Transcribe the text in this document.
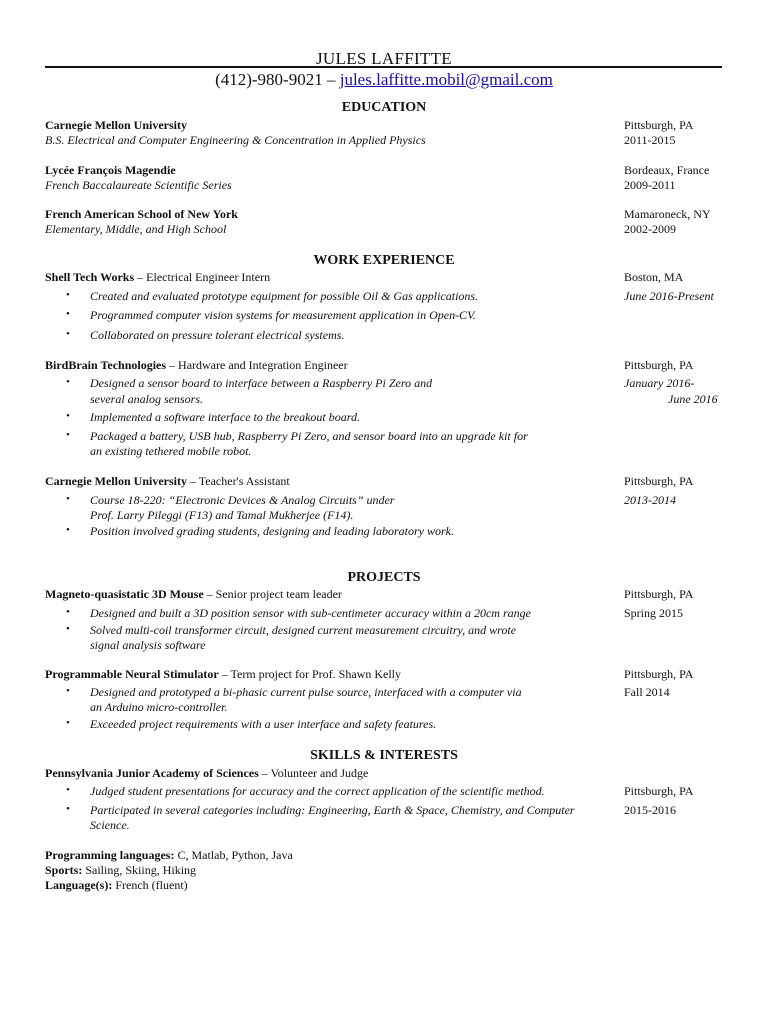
JULES LAFFITTE
(412)-980-9021 – jules.laffitte.mobil@gmail.com
EDUCATION
Carnegie Mellon University	Pittsburgh, PA
B.S. Electrical and Computer Engineering & Concentration in Applied Physics	2011-2015
Lycée François Magendie	Bordeaux, France
French Baccalaureate Scientific Series	2009-2011
French American School of New York	Mamaroneck, NY
Elementary, Middle, and High School	2002-2009
WORK EXPERIENCE
Shell Tech Works – Electrical Engineer Intern	Boston, MA
• Created and evaluated prototype equipment for possible Oil & Gas applications.	June 2016-Present
• Programmed computer vision systems for measurement application in Open-CV.
• Collaborated on pressure tolerant electrical systems.
BirdBrain Technologies – Hardware and Integration Engineer	Pittsburgh, PA
• Designed a sensor board to interface between a Raspberry Pi Zero and	January 2016-
several analog sensors.	June 2016
• Implemented a software interface to the breakout board.
• Packaged a battery, USB hub, Raspberry Pi Zero, and sensor board into an upgrade kit for
an existing tethered mobile robot.
Carnegie Mellon University – Teacher's Assistant	Pittsburgh, PA
• Course 18-220: “Electronic Devices & Analog Circuits” under	2013-2014
Prof. Larry Pileggi (F13) and Tamal Mukherjee (F14).
• Position involved grading students, designing and leading laboratory work.
PROJECTS
Magneto-quasistatic 3D Mouse – Senior project team leader	Pittsburgh, PA
• Designed and built a 3D position sensor with sub-centimeter accuracy within a 20cm range	Spring 2015
• Solved multi-coil transformer circuit, designed current measurement circuitry, and wrote
signal analysis software
Programmable Neural Stimulator – Term project for Prof. Shawn Kelly	Pittsburgh, PA
• Designed and prototyped a bi-phasic current pulse source, interfaced with a computer via	Fall 2014
an Arduino micro-controller.
• Exceeded project requirements with a user interface and safety features.
SKILLS & INTERESTS
Pennsylvania Junior Academy of Sciences – Volunteer and Judge
• Judged student presentations for accuracy and the correct application of the scientific method.	Pittsburgh, PA
• Participated in several categories including: Engineering, Earth & Space, Chemistry, and Computer	2015-2016
Science.
Programming languages: C, Matlab, Python, Java
Sports: Sailing, Skiing, Hiking
Language(s): French (fluent)
